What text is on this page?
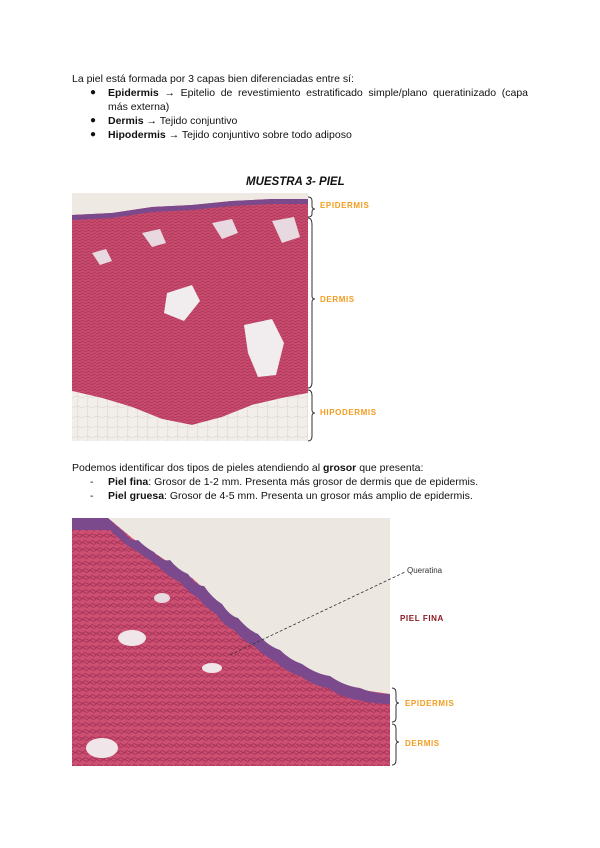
La piel está formada por 3 capas bien diferenciadas entre sí:
● Epidermis → Epitelio de revestimiento estratificado simple/plano queratinizado (capa más externa)
● Dermis → Tejido conjuntivo
● Hipodermis → Tejido conjuntivo sobre todo adiposo
MUESTRA 3- PIEL
EPIDERMIS
DERMIS
HIPODERMIS
Podemos identificar dos tipos de pieles atendiendo al grosor que presenta:
- Piel fina: Grosor de 1-2 mm. Presenta más grosor de dermis que de epidermis.
- Piel gruesa: Grosor de 4-5 mm. Presenta un grosor más amplio de epidermis.
Queratina
PIEL FINA
EPIDERMIS
DERMIS
